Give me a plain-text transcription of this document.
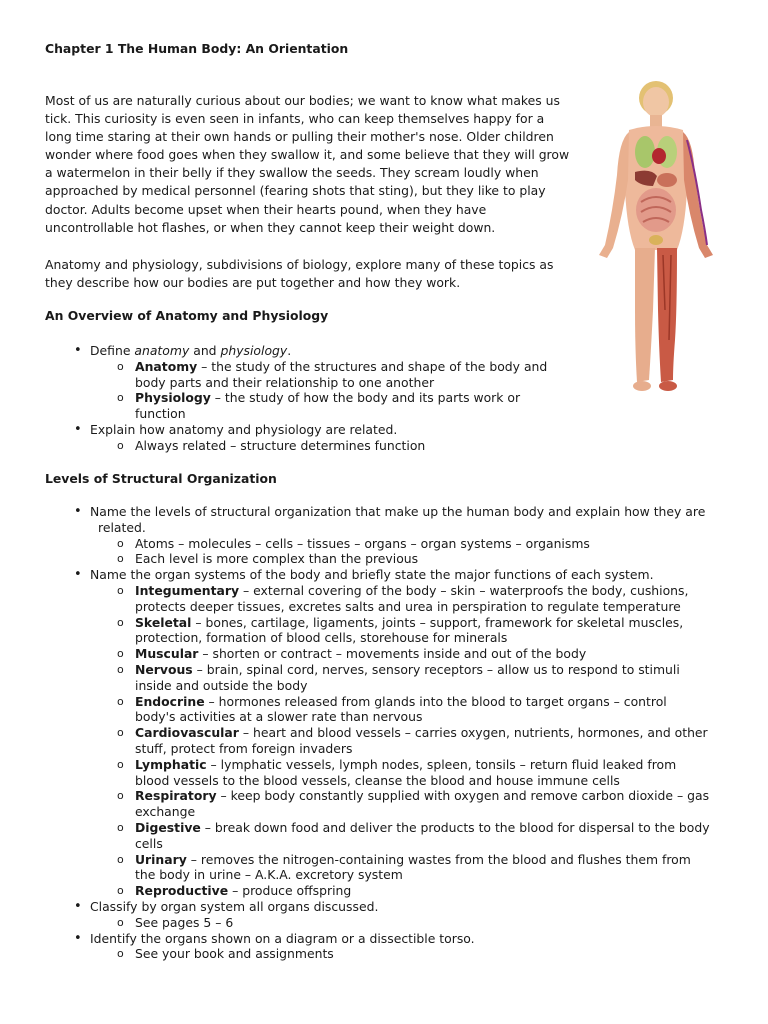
Chapter 1 The Human Body: An Orientation
Most of us are naturally curious about our bodies; we want to know what makes us
tick. This curiosity is even seen in infants, who can keep themselves happy for a
long time staring at their own hands or pulling their mother's nose. Older children
wonder where food goes when they swallow it, and some believe that they will grow
a watermelon in their belly if they swallow the seeds. They scream loudly when
approached by medical personnel (fearing shots that sting), but they like to play
doctor. Adults become upset when their hearts pound, when they have
uncontrollable hot flashes, or when they cannot keep their weight down.
Anatomy and physiology, subdivisions of biology, explore many of these topics as
they describe how our bodies are put together and how they work.
An Overview of Anatomy and Physiology
• Define anatomy and physiology.
o Anatomy – the study of the structures and shape of the body and
body parts and their relationship to one another
o Physiology – the study of how the body and its parts work or
function
• Explain how anatomy and physiology are related.
o Always related – structure determines function
Levels of Structural Organization
• Name the levels of structural organization that make up the human body and explain how they are
related.
o Atoms – molecules – cells – tissues – organs – organ systems – organisms
o Each level is more complex than the previous
• Name the organ systems of the body and briefly state the major functions of each system.
o Integumentary – external covering of the body – skin – waterproofs the body, cushions,
protects deeper tissues, excretes salts and urea in perspiration to regulate temperature
o Skeletal – bones, cartilage, ligaments, joints – support, framework for skeletal muscles,
protection, formation of blood cells, storehouse for minerals
o Muscular – shorten or contract – movements inside and out of the body
o Nervous – brain, spinal cord, nerves, sensory receptors – allow us to respond to stimuli
inside and outside the body
o Endocrine – hormones released from glands into the blood to target organs – control
body's activities at a slower rate than nervous
o Cardiovascular – heart and blood vessels – carries oxygen, nutrients, hormones, and other
stuff, protect from foreign invaders
o Lymphatic – lymphatic vessels, lymph nodes, spleen, tonsils – return fluid leaked from
blood vessels to the blood vessels, cleanse the blood and house immune cells
o Respiratory – keep body constantly supplied with oxygen and remove carbon dioxide – gas
exchange
o Digestive – break down food and deliver the products to the blood for dispersal to the body
cells
o Urinary – removes the nitrogen-containing wastes from the blood and flushes them from
the body in urine – A.K.A. excretory system
o Reproductive – produce offspring
• Classify by organ system all organs discussed.
o See pages 5 – 6
• Identify the organs shown on a diagram or a dissectible torso.
o See your book and assignments
